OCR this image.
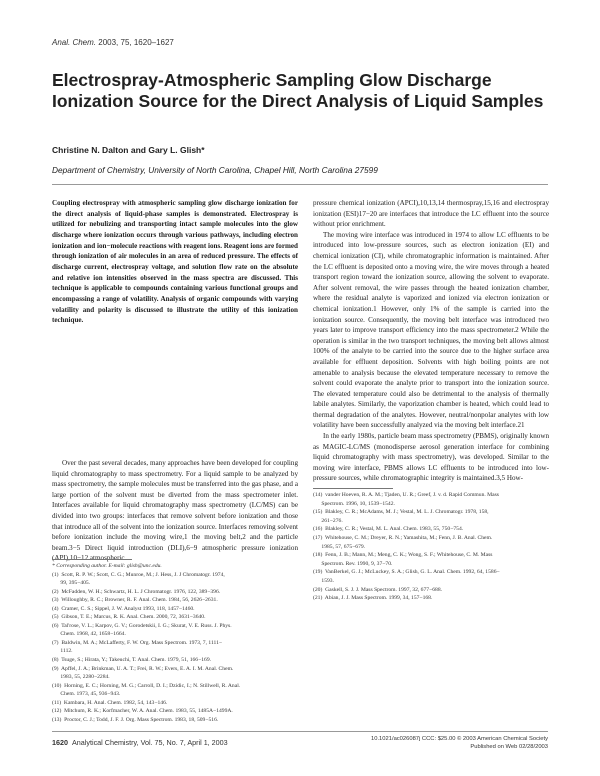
Anal. Chem. 2003, 75, 1620–1627
Electrospray-Atmospheric Sampling Glow Discharge Ionization Source for the Direct Analysis of Liquid Samples
Christine N. Dalton and Gary L. Glish*
Department of Chemistry, University of North Carolina, Chapel Hill, North Carolina 27599
Coupling electrospray with atmospheric sampling glow discharge ionization for the direct analysis of liquid-phase samples is demonstrated. Electrospray is utilized for nebulizing and transporting intact sample molecules into the glow discharge where ionization occurs through various pathways, including electron ionization and ion−molecule reactions with reagent ions. Reagent ions are formed through ionization of air molecules in an area of reduced pressure. The effects of discharge current, electrospray voltage, and solution flow rate on the absolute and relative ion intensities observed in the mass spectra are discussed. This technique is applicable to compounds containing various functional groups and encompassing a range of volatility. Analysis of organic compounds with varying volatility and polarity is discussed to illustrate the utility of this ionization technique.
Over the past several decades, many approaches have been developed for coupling liquid chromatography to mass spectrometry. For a liquid sample to be analyzed by mass spectrometry, the sample molecules must be transferred into the gas phase, and a large portion of the solvent must be diverted from the mass spectrometer inlet. Interfaces available for liquid chromatography mass spectrometry (LC/MS) can be divided into two groups: interfaces that remove solvent before ionization and those that introduce all of the solvent into the ionization source. Interfaces removing solvent before ionization include the moving wire,1 the moving belt,2 and the particle beam.3−5 Direct liquid introduction (DLI),6−9 atmospheric pressure ionization (API),10−12 atmospheric

pressure chemical ionization (APCI),10,13,14 thermospray,15,16 and electrospray ionization (ESI)17−20 are interfaces that introduce the LC effluent into the source without prior enrichment.

The moving wire interface was introduced in 1974 to allow LC effluents to be introduced into low-pressure sources, such as electron ionization (EI) and chemical ionization (CI), while chromatographic information is maintained. After the LC effluent is deposited onto a moving wire, the wire moves through a heated transport region toward the ionization source, allowing the solvent to evaporate. After solvent removal, the wire passes through the heated ionization chamber, where the residual analyte is vaporized and ionized via electron ionization or chemical ionization.1 However, only 1% of the sample is carried into the ionization source. Consequently, the moving belt interface was introduced two years later to improve transport efficiency into the mass spectrometer.2 While the operation is similar in the two transport techniques, the moving belt allows almost 100% of the analyte to be carried into the source due to the higher surface area available for effluent deposition. Solvents with high boiling points are not amenable to analysis because the elevated temperature necessary to remove the solvent could evaporate the analyte prior to transport into the ionization source. The elevated temperature could also be detrimental to the analysis of thermally labile analytes. Similarly, the vaporization chamber is heated, which could lead to thermal degradation of the analytes. However, neutral/nonpolar analytes with low volatility have been successfully analyzed via the moving belt interface.21

In the early 1980s, particle beam mass spectrometry (PBMS), originally known as MAGIC-LC/MS (monodisperse aerosol generation interface for combining liquid chromatography with mass spectrometry), was developed. Similar to the moving wire interface, PBMS allows LC effluents to be introduced into low-pressure sources, while chromatographic integrity is maintained.3,5 How-

* Corresponding author. E-mail: glish@unc.edu.
(1)  Scott, R. P. W.; Scott, C. G.; Munroe, M.; J. Hess, J. J Chromatogr. 1974,
99, 395−405.
(2)  McFadden, W. H.; Schwartz, H. L. J Chromatogr. 1976, 122, 389−396.
(3)  Willoughby, R. C.; Browner, R. F. Anal. Chem. 1984, 56, 2626−2631.
(4)  Cramer, C. S.; Sippel, J. W. Analyst 1993, 118, 1457−1460.
(5)  Gibson, T. E.; Marcus, R. K. Anal. Chem. 2000, 72, 3631−3640.
(6)  Tal'rose, V. L.; Karpov, G. V.; Gorodetskii, I. G.; Skurat, V. E. Russ. J. Phys.
Chem. 1968, 42, 1658−1664.
(7)  Baldwin, M. A.; McLafferty, F. W. Org. Mass Spectrom. 1973, 7, 1111−
1112.
(8)  Tsuge, S.; Hirata, Y.; Takeuchi, T. Anal. Chem. 1979, 51, 166−169.
(9)  Apffel, J. A.; Brinkman, U. A. T.; Frei, R. W.; Evers, E. A. I. M. Anal. Chem.
1983, 55, 2280−2284.
(10)  Horning, E. C.; Horning, M. G.; Carroll, D. I.; Dzidic, I.; N. Stillwell, R. Anal.
Chem. 1973, 45, 936−943.
(11)  Kambara, H. Anal. Chem. 1982, 54, 143−146.
(12)  Mitchum, R. K.; Korfmacher, W. A. Anal. Chem. 1983, 55, 1485A−1499A.
(13)  Proctor, C. J.; Todd, J. F. J. Org. Mass Spectrom. 1983, 18, 509−516.
(14)  vander Hoeven, R. A. M.; Tjaden, U. R.; Greef, J. v. d. Rapid Commun. Mass
Spectrom. 1996, 10, 1539−1542.
(15)  Blakley, C. R.; McAdams, M. J.; Vestal, M. L. J. Chromatogr. 1978, 158,
261−276.
(16)  Blakley, C. R.; Vestal, M. L. Anal. Chem. 1983, 55, 750−754.
(17)  Whitehouse, C. M.; Dreyer, R. N.; Yamashita, M.; Fenn, J. B. Anal. Chem.
1985, 57, 675−679.
(18)  Fenn, J. B.; Mann, M.; Meng, C. K.; Wong, S. F.; Whitehouse, C. M. Mass
Spectrom. Rev. 1990, 9, 37−70.
(19)  VanBerkel, G. J.; McLuckey, S. A.; Glish, G. L. Anal. Chem. 1992, 64, 1586−
1593.
(20)  Gaskell, S. J. J. Mass Spectrom. 1997, 32, 677−688.
(21)  Abian, J. J. Mass Spectrom. 1999, 34, 157−168.
1620 Analytical Chemistry, Vol. 75, No. 7, April 1, 2003	10.1021/ac026087j CCC: $25.00 © 2003 American Chemical Society
Published on Web 02/28/2003
